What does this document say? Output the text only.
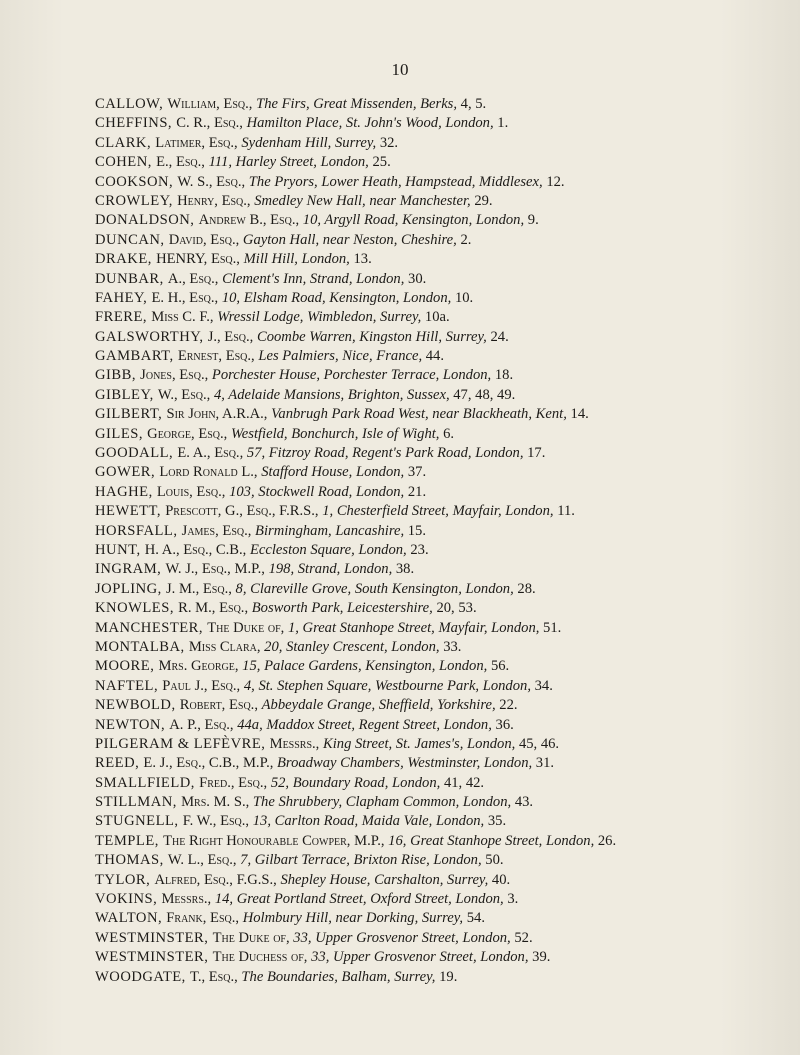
10
CALLOW, William, Esq., The Firs, Great Missenden, Berks, 4, 5.
CHEFFINS, C. R., Esq., Hamilton Place, St. John's Wood, London, 1.
CLARK, Latimer, Esq., Sydenham Hill, Surrey, 32.
COHEN, E., Esq., 111, Harley Street, London, 25.
COOKSON, W. S., Esq., The Pryors, Lower Heath, Hampstead, Middlesex, 12.
CROWLEY, Henry, Esq., Smedley New Hall, near Manchester, 29.
DONALDSON, Andrew B., Esq., 10, Argyll Road, Kensington, London, 9.
DUNCAN, David, Esq., Gayton Hall, near Neston, Cheshire, 2.
DRAKE, HENRY, Esq., Mill Hill, London, 13.
DUNBAR, A., Esq., Clement's Inn, Strand, London, 30.
FAHEY, E. H., Esq., 10, Elsham Road, Kensington, London, 10.
FRERE, Miss C. F., Wressil Lodge, Wimbledon, Surrey, 10a.
GALSWORTHY, J., Esq., Coombe Warren, Kingston Hill, Surrey, 24.
GAMBART, Ernest, Esq., Les Palmiers, Nice, France, 44.
GIBB, Jones, Esq., Porchester House, Porchester Terrace, London, 18.
GIBLEY, W., Esq., 4, Adelaide Mansions, Brighton, Sussex, 47, 48, 49.
GILBERT, Sir John, A.R.A., Vanbrugh Park Road West, near Blackheath, Kent, 14.
GILES, George, Esq., Westfield, Bonchurch, Isle of Wight, 6.
GOODALL, E. A., Esq., 57, Fitzroy Road, Regent's Park Road, London, 17.
GOWER, Lord Ronald L., Stafford House, London, 37.
HAGHE, Louis, Esq., 103, Stockwell Road, London, 21.
HEWETT, Prescott, G., Esq., F.R.S., 1, Chesterfield Street, Mayfair, London, 11.
HORSFALL, James, Esq., Birmingham, Lancashire, 15.
HUNT, H. A., Esq., C.B., Eccleston Square, London, 23.
INGRAM, W. J., Esq., M.P., 198, Strand, London, 38.
JOPLING, J. M., Esq., 8, Clareville Grove, South Kensington, London, 28.
KNOWLES, R. M., Esq., Bosworth Park, Leicestershire, 20, 53.
MANCHESTER, The Duke of, 1, Great Stanhope Street, Mayfair, London, 51.
MONTALBA, Miss Clara, 20, Stanley Crescent, London, 33.
MOORE, Mrs. George, 15, Palace Gardens, Kensington, London, 56.
NAFTEL, Paul J., Esq., 4, St. Stephen Square, Westbourne Park, London, 34.
NEWBOLD, Robert, Esq., Abbeydale Grange, Sheffield, Yorkshire, 22.
NEWTON, A. P., Esq., 44a, Maddox Street, Regent Street, London, 36.
PILGERAM & LEFÈVRE, Messrs., King Street, St. James's, London, 45, 46.
REED, E. J., Esq., C.B., M.P., Broadway Chambers, Westminster, London, 31.
SMALLFIELD, Fred., Esq., 52, Boundary Road, London, 41, 42.
STILLMAN, Mrs. M. S., The Shrubbery, Clapham Common, London, 43.
STUGNELL, F. W., Esq., 13, Carlton Road, Maida Vale, London, 35.
TEMPLE, The Right Honourable Cowper, M.P., 16, Great Stanhope Street, London, 26.
THOMAS, W. L., Esq., 7, Gilbart Terrace, Brixton Rise, London, 50.
TYLOR, Alfred, Esq., F.G.S., Shepley House, Carshalton, Surrey, 40.
VOKINS, Messrs., 14, Great Portland Street, Oxford Street, London, 3.
WALTON, Frank, Esq., Holmbury Hill, near Dorking, Surrey, 54.
WESTMINSTER, The Duke of, 33, Upper Grosvenor Street, London, 52.
WESTMINSTER, The Duchess of, 33, Upper Grosvenor Street, London, 39.
WOODGATE, T., Esq., The Boundaries, Balham, Surrey, 19.
